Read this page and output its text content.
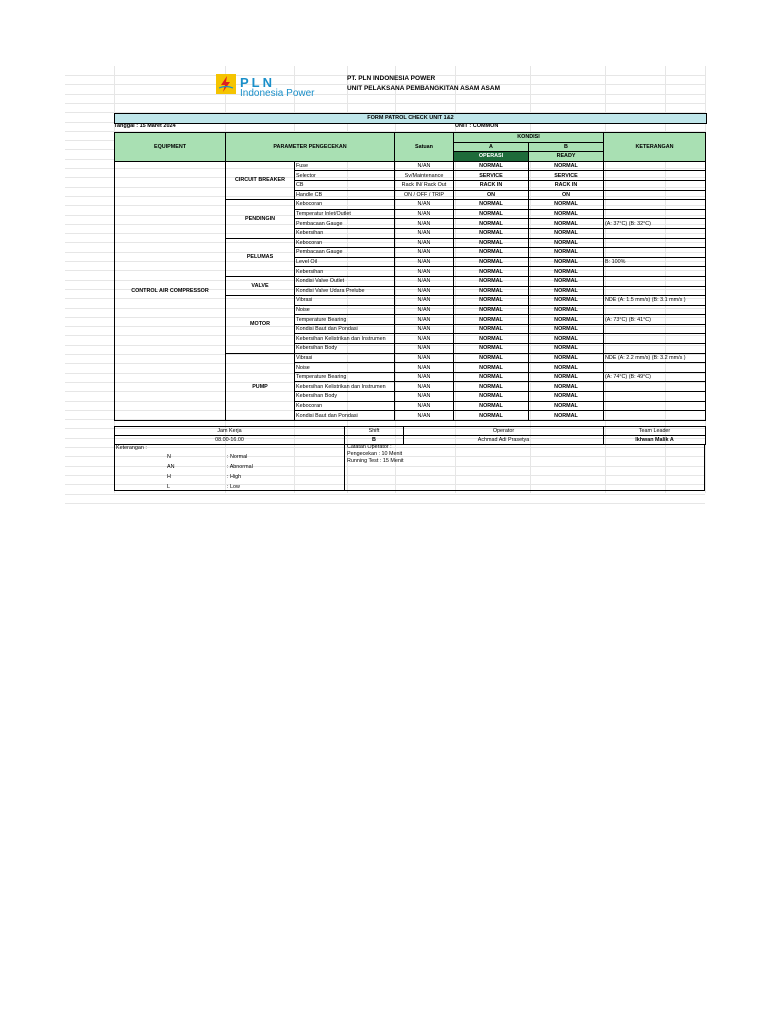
PLN
Indonesia Power
PT. PLN INDONESIA POWER
UNIT PELAKSANA PEMBANGKITAN ASAM ASAM
FORM PATROL CHECK UNIT 1&2
Tanggal : 15 Maret 2024	UNIT : COMMON
EQUIPMENT	PARAMETER PENGECEKAN		Satuan	KONDISI		KETERANGAN
				A	B	
				OPERASI	READY	
CONTROL AIR COMPRESSOR	CIRCUIT BREAKER	Fuse	N/AN	NORMAL	NORMAL	
		Selector	Sv/Maintenance	SERVICE	SERVICE	
		CB	Rack IN/ Rack Out	RACK IN	RACK IN	
		Handle CB	ON / OFF / TRIP	ON	ON	
	PENDINGIN	Kebocoran	N/AN	NORMAL	NORMAL	
		Temperatur Inlet/Outlet	N/AN	NORMAL	NORMAL	
		Pembacaan Gauge	N/AN	NORMAL	NORMAL	(A: 37°C) (B: 32°C)
		Kebersihan	N/AN	NORMAL	NORMAL	
	PELUMAS	Kebocoran	N/AN	NORMAL	NORMAL	
		Pembacaan Gauge	N/AN	NORMAL	NORMAL	
		Level Oil	N/AN	NORMAL	NORMAL	B: 100%
		Kebersihan	N/AN	NORMAL	NORMAL	
	VALVE	Kondisi Valve Outlet	N/AN	NORMAL	NORMAL	
		Kondisi Valve Udara Prelube	N/AN	NORMAL	NORMAL	
	MOTOR	Vibrasi	N/AN	NORMAL	NORMAL	NDE (A: 1.5 mm/s) (B: 3.1 mm/s )
		Noise	N/AN	NORMAL	NORMAL	
		Temperature Bearing	N/AN	NORMAL	NORMAL	(A: 73°C) (B: 41°C)
		Kondisi Baut dan Pondasi	N/AN	NORMAL	NORMAL	
		Kebersihan Kelistrikan dan Instrumen	N/AN	NORMAL	NORMAL	
		Kebersihan Body	N/AN	NORMAL	NORMAL	
	PUMP	Vibrasi	N/AN	NORMAL	NORMAL	NDE (A: 2.2 mm/s) (B: 3.2 mm/s )
		Noise	N/AN	NORMAL	NORMAL	
		Temperature Bearing	N/AN	NORMAL	NORMAL	(A: 74°C) (B: 49°C)
		Kebersihan Kelistrikan dan Instrumen	N/AN	NORMAL	NORMAL	
		Kebersihan Body	N/AN	NORMAL	NORMAL	
		Kebocoran	N/AN	NORMAL	NORMAL	
		Kondisi Baut dan Pondasi	N/AN	NORMAL	NORMAL	
Jam Kerja	Shift	Operator	Team Leader
08.00-16.00	B	Achmad Adi Prasetya	Ikhwan Malik A
Keterangan :
N	: Normal
AN	: Abnormal
H	: High
L	: Low
Catatan Operator :
Pengecekan : 10 Menit
Running Test : 15 Menit
